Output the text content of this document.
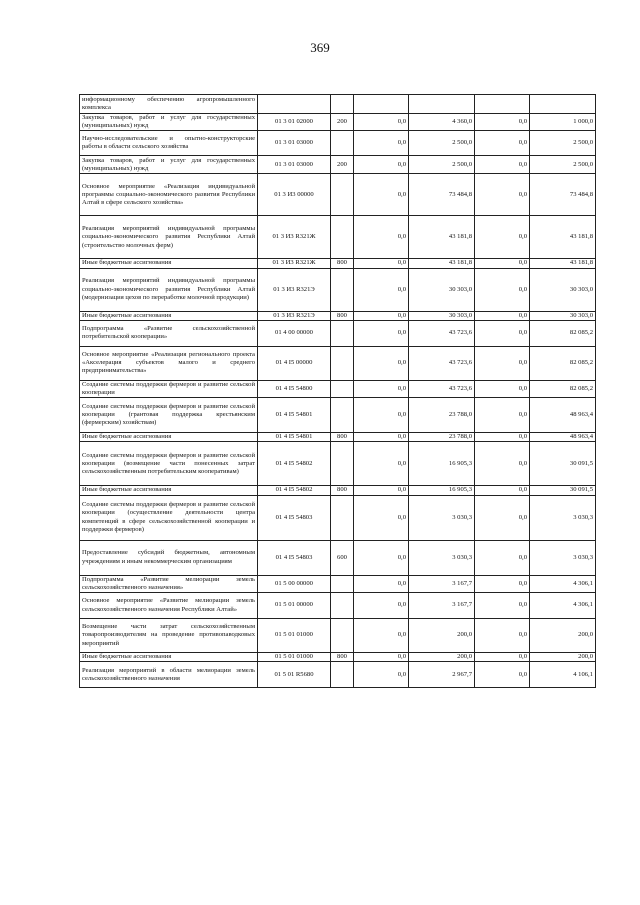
369
информационному обеспечению агропромышленного комплекса						
Закупка товаров, работ и услуг для государственных (муниципальных) нужд	01 3 01 02000	200	0,0	4 360,0	0,0	1 000,0
Научно-исследовательские и опытно-конструкторские работы в области сельского хозяйства	01 3 01 03000		0,0	2 500,0	0,0	2 500,0
Закупка товаров, работ и услуг для государственных (муниципальных) нужд	01 3 01 03000	200	0,0	2 500,0	0,0	2 500,0
Основное мероприятие «Реализация индивидуальной программы социально-экономического развития Республики Алтай в сфере сельского хозяйства»	01 3 И3 00000		0,0	73 484,8	0,0	73 484,8
Реализация мероприятий индивидуальной программы социально-экономического развития Республики Алтай (строительство молочных ферм)	01 3 И3 R321Ж		0,0	43 181,8	0,0	43 181,8
Иные бюджетные ассигнования	01 3 И3 R321Ж	800	0,0	43 181,8	0,0	43 181,8
Реализация мероприятий индивидуальной программы социально-экономического развития Республики Алтай (модернизация цехов по переработке молочной продукции)	01 3 И3 R321Э		0,0	30 303,0	0,0	30 303,0
Иные бюджетные ассигнования	01 3 И3 R321Э	800	0,0	30 303,0	0,0	30 303,0
Подпрограмма «Развитие сельскохозяйственной потребительской кооперации»	01 4 00 00000		0,0	43 723,6	0,0	82 085,2
Основное мероприятие «Реализация регионального проекта «Акселерация субъектов малого и среднего предпринимательства»	01 4 I5 00000		0,0	43 723,6	0,0	82 085,2
Создание системы поддержки фермеров и развитие сельской кооперации	01 4 I5 54800		0,0	43 723,6	0,0	82 085,2
Создание системы поддержки фермеров и развитие сельской кооперации (грантовая поддержка крестьянским (фермерским) хозяйствам)	01 4 I5 54801		0,0	23 788,0	0,0	48 963,4
Иные бюджетные ассигнования	01 4 I5 54801	800	0,0	23 788,0	0,0	48 963,4
Создание системы поддержки фермеров и развитие сельской кооперации (возмещение части понесенных затрат сельскохозяйственным потребительским кооперативам)	01 4 I5 54802		0,0	16 905,3	0,0	30 091,5
Иные бюджетные ассигнования	01 4 I5 54802	800	0,0	16 905,3	0,0	30 091,5
Создание системы поддержки фермеров и развитие сельской кооперации (осуществление деятельности центра компетенций в сфере сельскохозяйственной кооперации и поддержки фермеров)	01 4 I5 54803		0,0	3 030,3	0,0	3 030,3
Предоставление субсидий бюджетным, автономным учреждениям и иным некоммерческим организациям	01 4 I5 54803	600	0,0	3 030,3	0,0	3 030,3
Подпрограмма «Развитие мелиорации земель сельскохозяйственного назначения»	01 5 00 00000		0,0	3 167,7	0,0	4 306,1
Основное мероприятие «Развитие мелиорации земель сельскохозяйственного назначения Республики Алтай»	01 5 01 00000		0,0	3 167,7	0,0	4 306,1
Возмещение части затрат сельскохозяйственным товаропроизводителям на проведение противопаводковых мероприятий	01 5 01 01000		0,0	200,0	0,0	200,0
Иные бюджетные ассигнования	01 5 01 01000	800	0,0	200,0	0,0	200,0
Реализация мероприятий в области мелиорации земель сельскохозяйственного назначения	01 5 01 R5680		0,0	2 967,7	0,0	4 106,1
